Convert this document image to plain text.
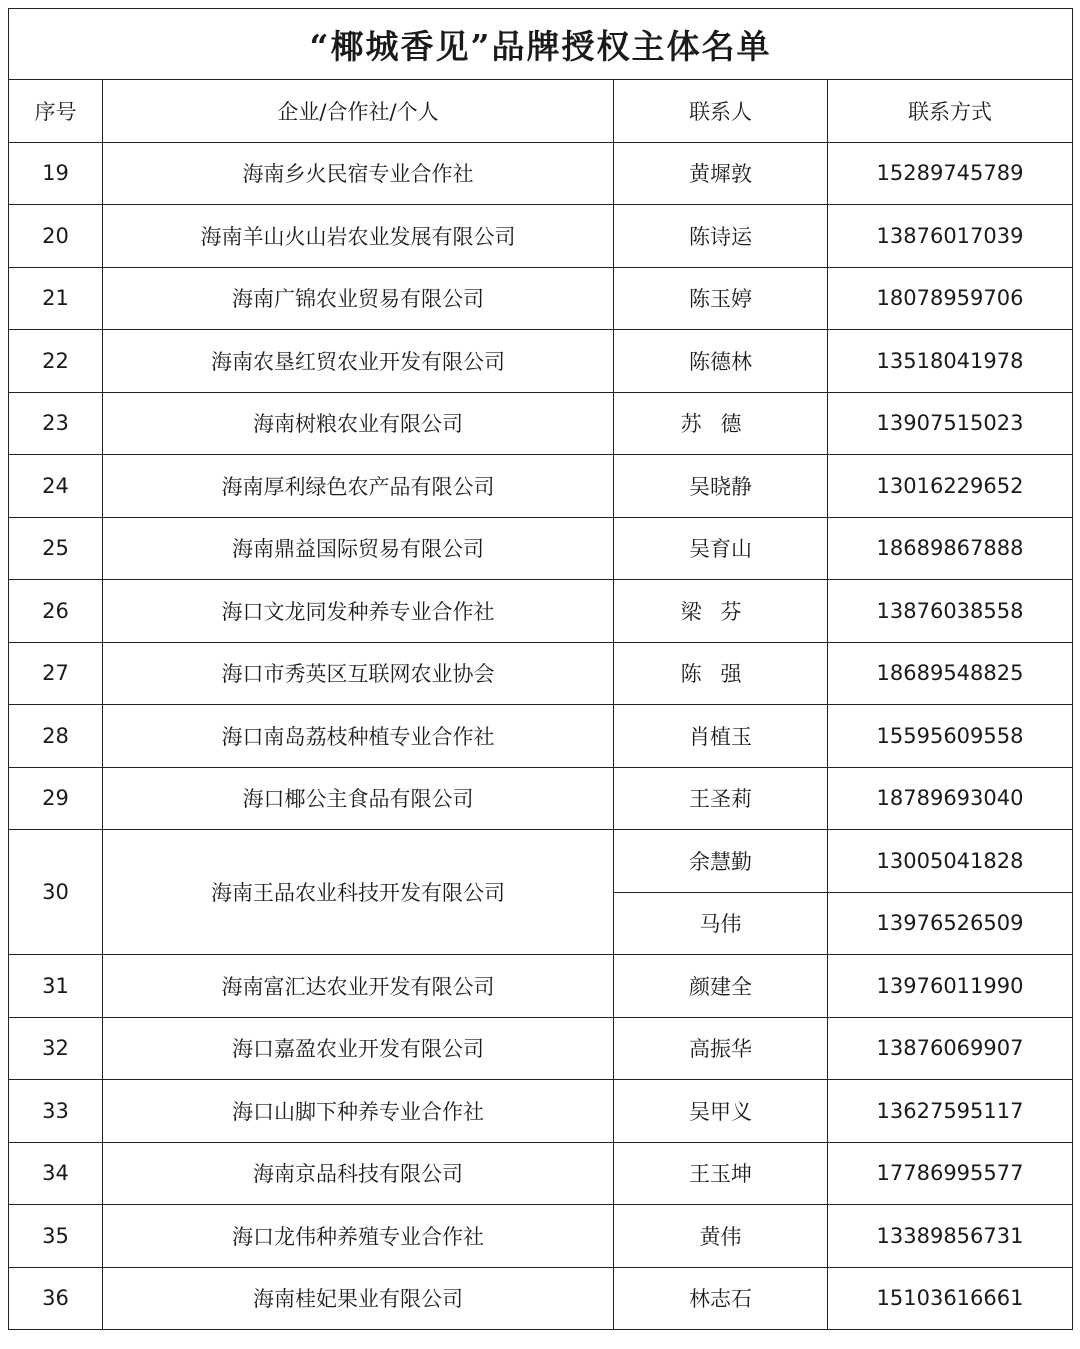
“椰城香见”品牌授权主体名单			
序号	企业/合作社/个人	联系人	联系方式
19	海南乡火民宿专业合作社	黄墀敦	15289745789
20	海南羊山火山岩农业发展有限公司	陈诗运	13876017039
21	海南广锦农业贸易有限公司	陈玉婷	18078959706
22	海南农垦红贸农业开发有限公司	陈德林	13518041978
23	海南树粮农业有限公司	苏德	13907515023
24	海南厚利绿色农产品有限公司	吴晓静	13016229652
25	海南鼎益国际贸易有限公司	吴育山	18689867888
26	海口文龙同发种养专业合作社	梁芬	13876038558
27	海口市秀英区互联网农业协会	陈强	18689548825
28	海口南岛荔枝种植专业合作社	肖植玉	15595609558
29	海口椰公主食品有限公司	王圣莉	18789693040
30	海南王品农业科技开发有限公司	余慧勤	13005041828
		马伟	13976526509
31	海南富汇达农业开发有限公司	颜建全	13976011990
32	海口嘉盈农业开发有限公司	高振华	13876069907
33	海口山脚下种养专业合作社	吴甲义	13627595117
34	海南京品科技有限公司	王玉坤	17786995577
35	海口龙伟种养殖专业合作社	黄伟	13389856731
36	海南桂妃果业有限公司	林志石	15103616661
